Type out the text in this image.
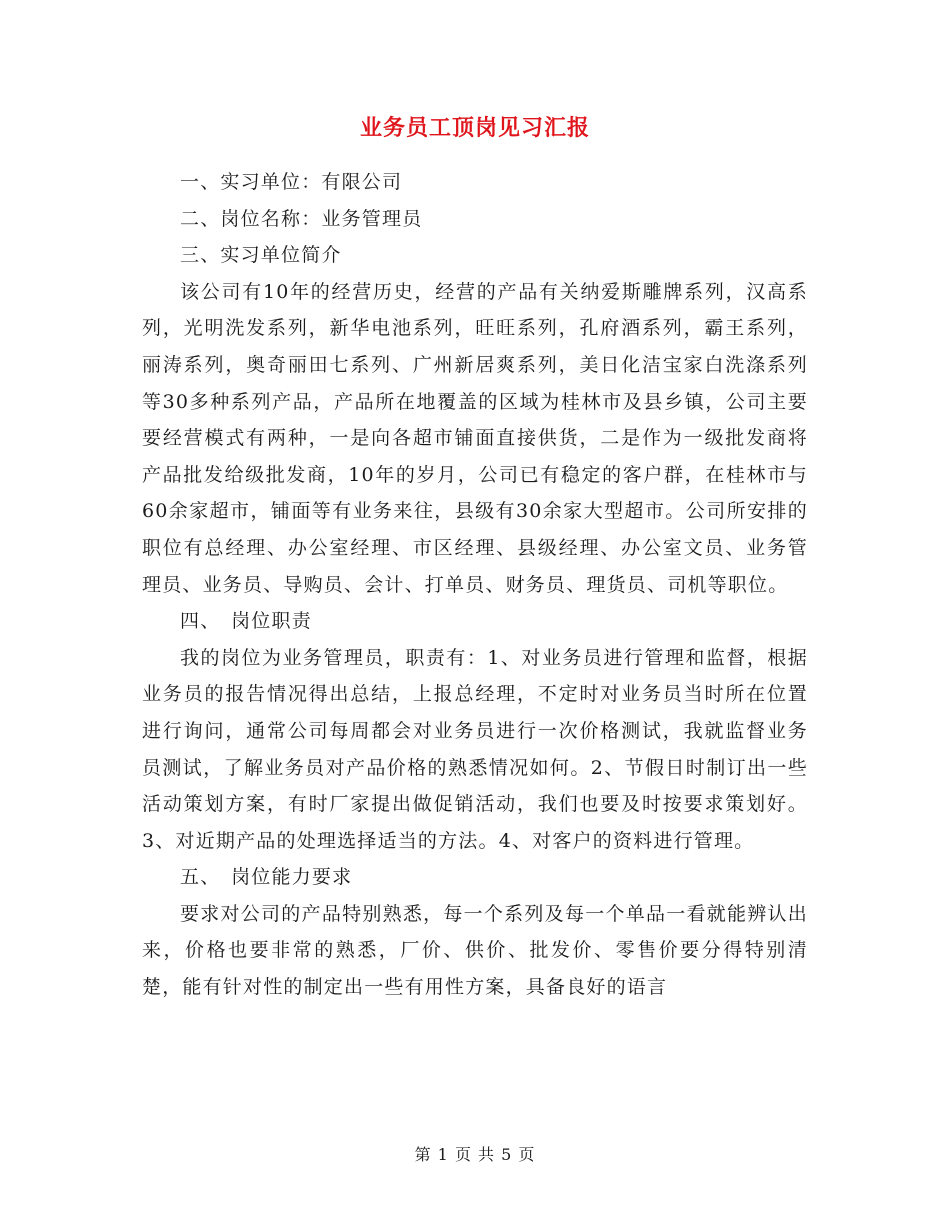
业务员工顶岗见习汇报

一、实习单位：有限公司

二、岗位名称：业务管理员

三、实习单位简介

该公司有10年的经营历史，经营的产品有关纳爱斯雕牌系列，汉高系列，光明洗发系列，新华电池系列，旺旺系列，孔府酒系列，霸王系列，丽涛系列，奥奇丽田七系列、广州新居爽系列，美日化洁宝家白洗涤系列等30多种系列产品，产品所在地覆盖的区域为桂林市及县乡镇，公司主要要经营模式有两种，一是向各超市铺面直接供货，二是作为一级批发商将产品批发给级批发商，10年的岁月，公司已有稳定的客户群，在桂林市与60余家超市，铺面等有业务来往，县级有30余家大型超市。公司所安排的职位有总经理、办公室经理、市区经理、县级经理、办公室文员、业务管理员、业务员、导购员、会计、打单员、财务员、理货员、司机等职位。

四、　岗位职责

我的岗位为业务管理员，职责有：1、对业务员进行管理和监督，根据业务员的报告情况得出总结，上报总经理，不定时对业务员当时所在位置进行询问，通常公司每周都会对业务员进行一次价格测试，我就监督业务员测试，了解业务员对产品价格的熟悉情况如何。2、节假日时制订出一些活动策划方案，有时厂家提出做促销活动，我们也要及时按要求策划好。3、对近期产品的处理选择适当的方法。4、对客户的资料进行管理。

五、　岗位能力要求

要求对公司的产品特别熟悉，每一个系列及每一个单品一看就能辨认出来，价格也要非常的熟悉，厂价、供价、批发价、零售价要分得特别清楚，能有针对性的制定出一些有用性方案，具备良好的语言

第 1 页 共 5 页
